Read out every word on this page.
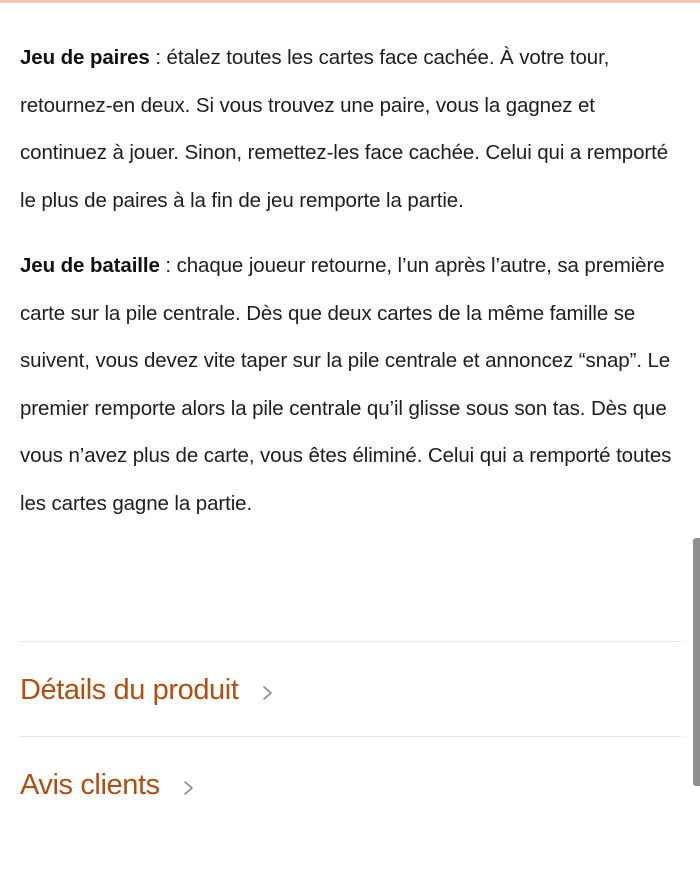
Jeu de paires : étalez toutes les cartes face cachée. À votre tour, retournez-en deux. Si vous trouvez une paire, vous la gagnez et continuez à jouer. Sinon, remettez-les face cachée. Celui qui a remporté le plus de paires à la fin de jeu remporte la partie.

Jeu de bataille : chaque joueur retourne, l’un après l’autre, sa première carte sur la pile centrale. Dès que deux cartes de la même famille se suivent, vous devez vite taper sur la pile centrale et annoncez “snap”. Le premier remporte alors la pile centrale qu’il glisse sous son tas. Dès que vous n’avez plus de carte, vous êtes éliminé. Celui qui a remporté toutes les cartes gagne la partie.

Détails du produit
Avis clients
